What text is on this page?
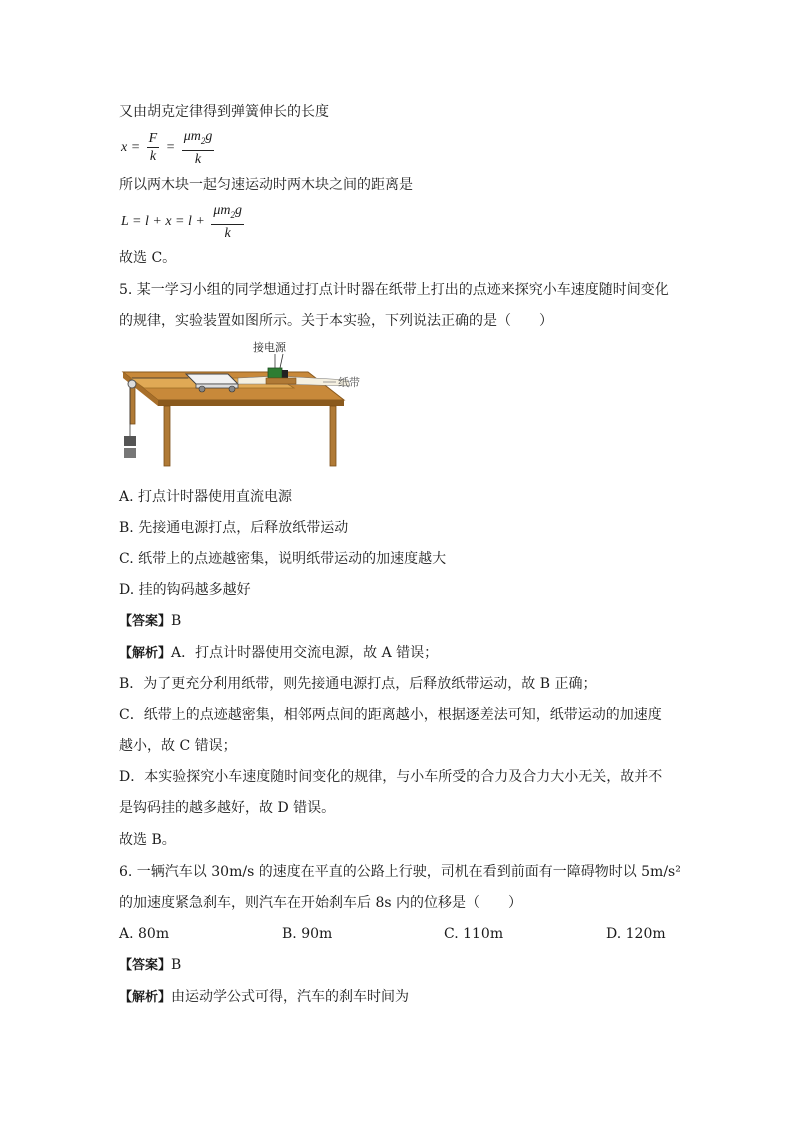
又由胡克定律得到弹簧伸长的长度
$x = \frac{F}{k} = \frac{\mu m_2g}{k}$
所以两木块一起匀速运动时两木块之间的距离是
$L = l + x = l + \frac{\mu m_2g}{k}$
故选 C。
5. 某一学习小组的同学想通过打点计时器在纸带上打出的点迹来探究小车速度随时间变化
的规律，实验装置如图所示。关于本实验，下列说法正确的是（　　）
接电源
纸带
A. 打点计时器使用直流电源
B. 先接通电源打点，后释放纸带运动
C. 纸带上的点迹越密集，说明纸带运动的加速度越大
D. 挂的钩码越多越好
【答案】B
【解析】A．打点计时器使用交流电源，故 A 错误；
B．为了更充分利用纸带，则先接通电源打点，后释放纸带运动，故 B 正确；
C．纸带上的点迹越密集，相邻两点间的距离越小，根据逐差法可知，纸带运动的加速度
越小，故 C 错误；
D．本实验探究小车速度随时间变化的规律，与小车所受的合力及合力大小无关，故并不
是钩码挂的越多越好，故 D 错误。
故选 B。
6. 一辆汽车以 30m/s 的速度在平直的公路上行驶，司机在看到前面有一障碍物时以 5m/s²
的加速度紧急刹车，则汽车在开始刹车后 8s 内的位移是（　　）
A. 80m	B. 90m	C. 110m	D. 120m
【答案】B
【解析】由运动学公式可得，汽车的刹车时间为
